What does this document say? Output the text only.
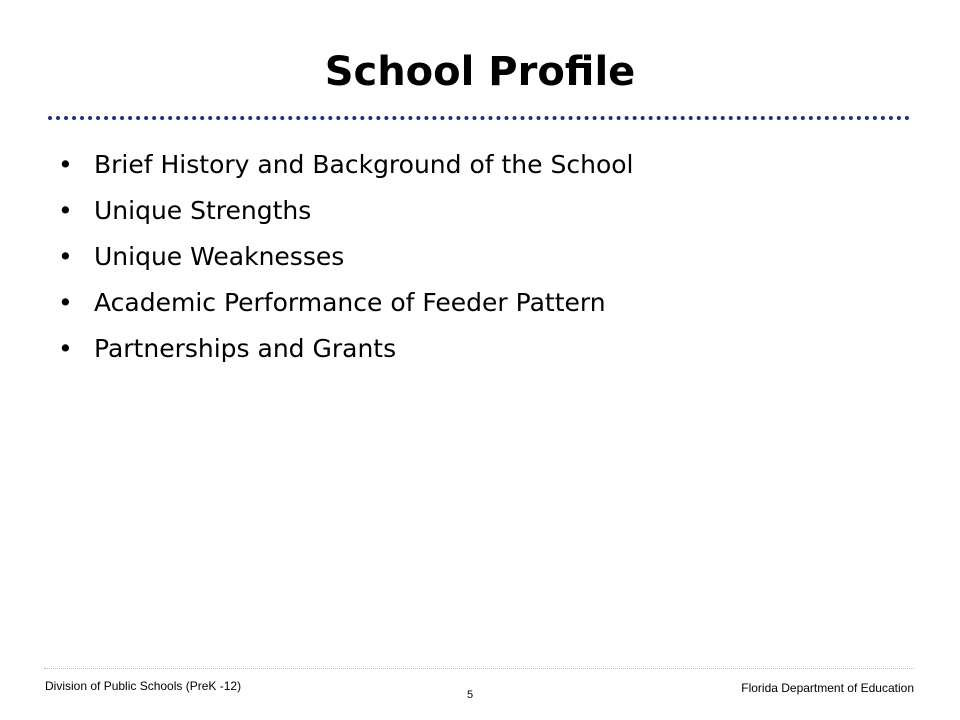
School Profile
• Brief History and Background of the School
• Unique Strengths
• Unique Weaknesses
• Academic Performance of Feeder Pattern
• Partnerships and Grants
Division of Public Schools (PreK -12)
5	Florida Department of Education
